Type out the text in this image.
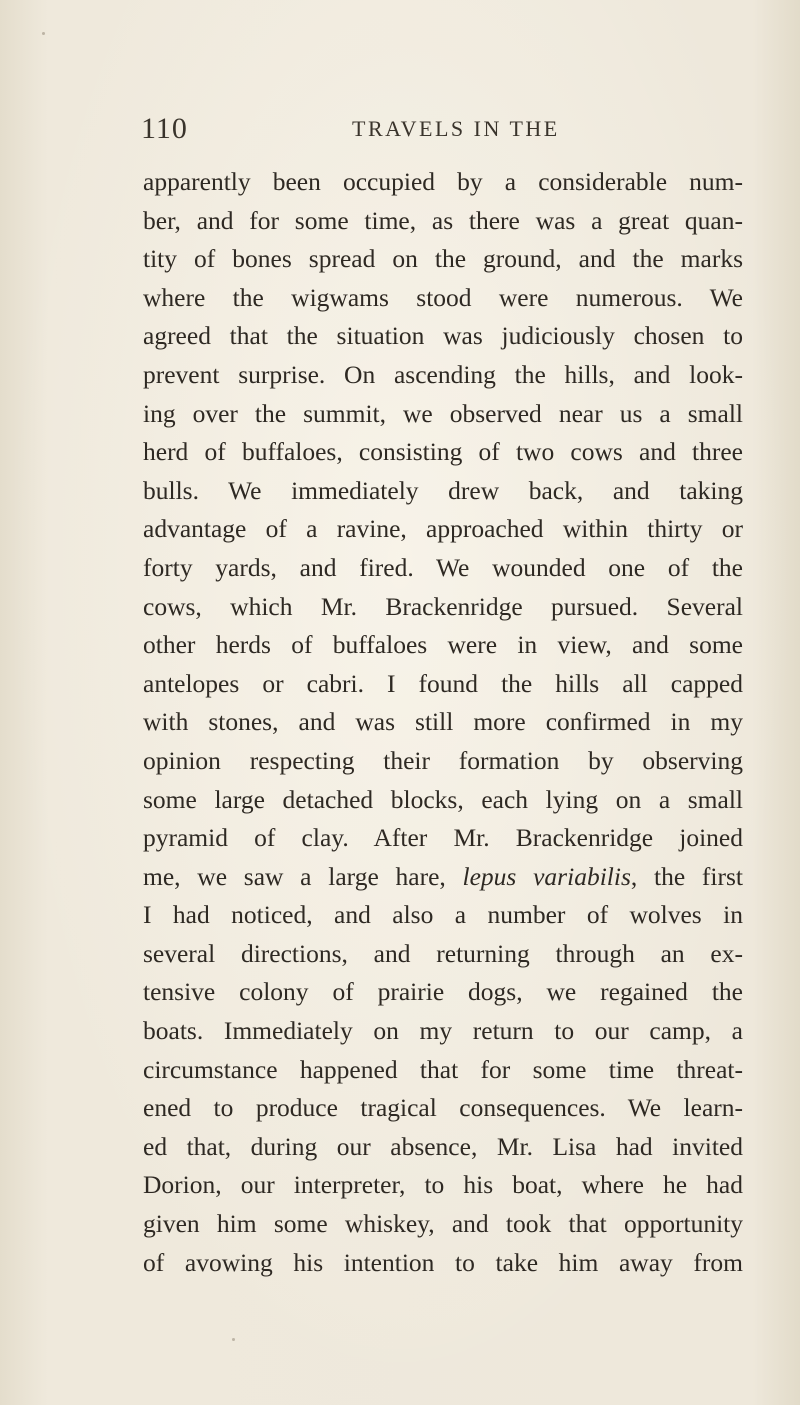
110	TRAVELS IN THE
apparently been occupied by a considerable num-
ber, and for some time, as there was a great quan-
tity of bones spread on the ground, and the marks
where the wigwams stood were numerous. We
agreed that the situation was judiciously chosen to
prevent surprise. On ascending the hills, and look-
ing over the summit, we observed near us a small
herd of buffaloes, consisting of two cows and three
bulls. We immediately drew back, and taking
advantage of a ravine, approached within thirty or
forty yards, and fired. We wounded one of the
cows, which Mr. Brackenridge pursued. Several
other herds of buffaloes were in view, and some
antelopes or cabri. I found the hills all capped
with stones, and was still more confirmed in my
opinion respecting their formation by observing
some large detached blocks, each lying on a small
pyramid of clay. After Mr. Brackenridge joined
me, we saw a large hare, lepus variabilis, the first
I had noticed, and also a number of wolves in
several directions, and returning through an ex-
tensive colony of prairie dogs, we regained the
boats. Immediately on my return to our camp, a
circumstance happened that for some time threat-
ened to produce tragical consequences. We learn-
ed that, during our absence, Mr. Lisa had invited
Dorion, our interpreter, to his boat, where he had
given him some whiskey, and took that opportunity
of avowing his intention to take him away from
